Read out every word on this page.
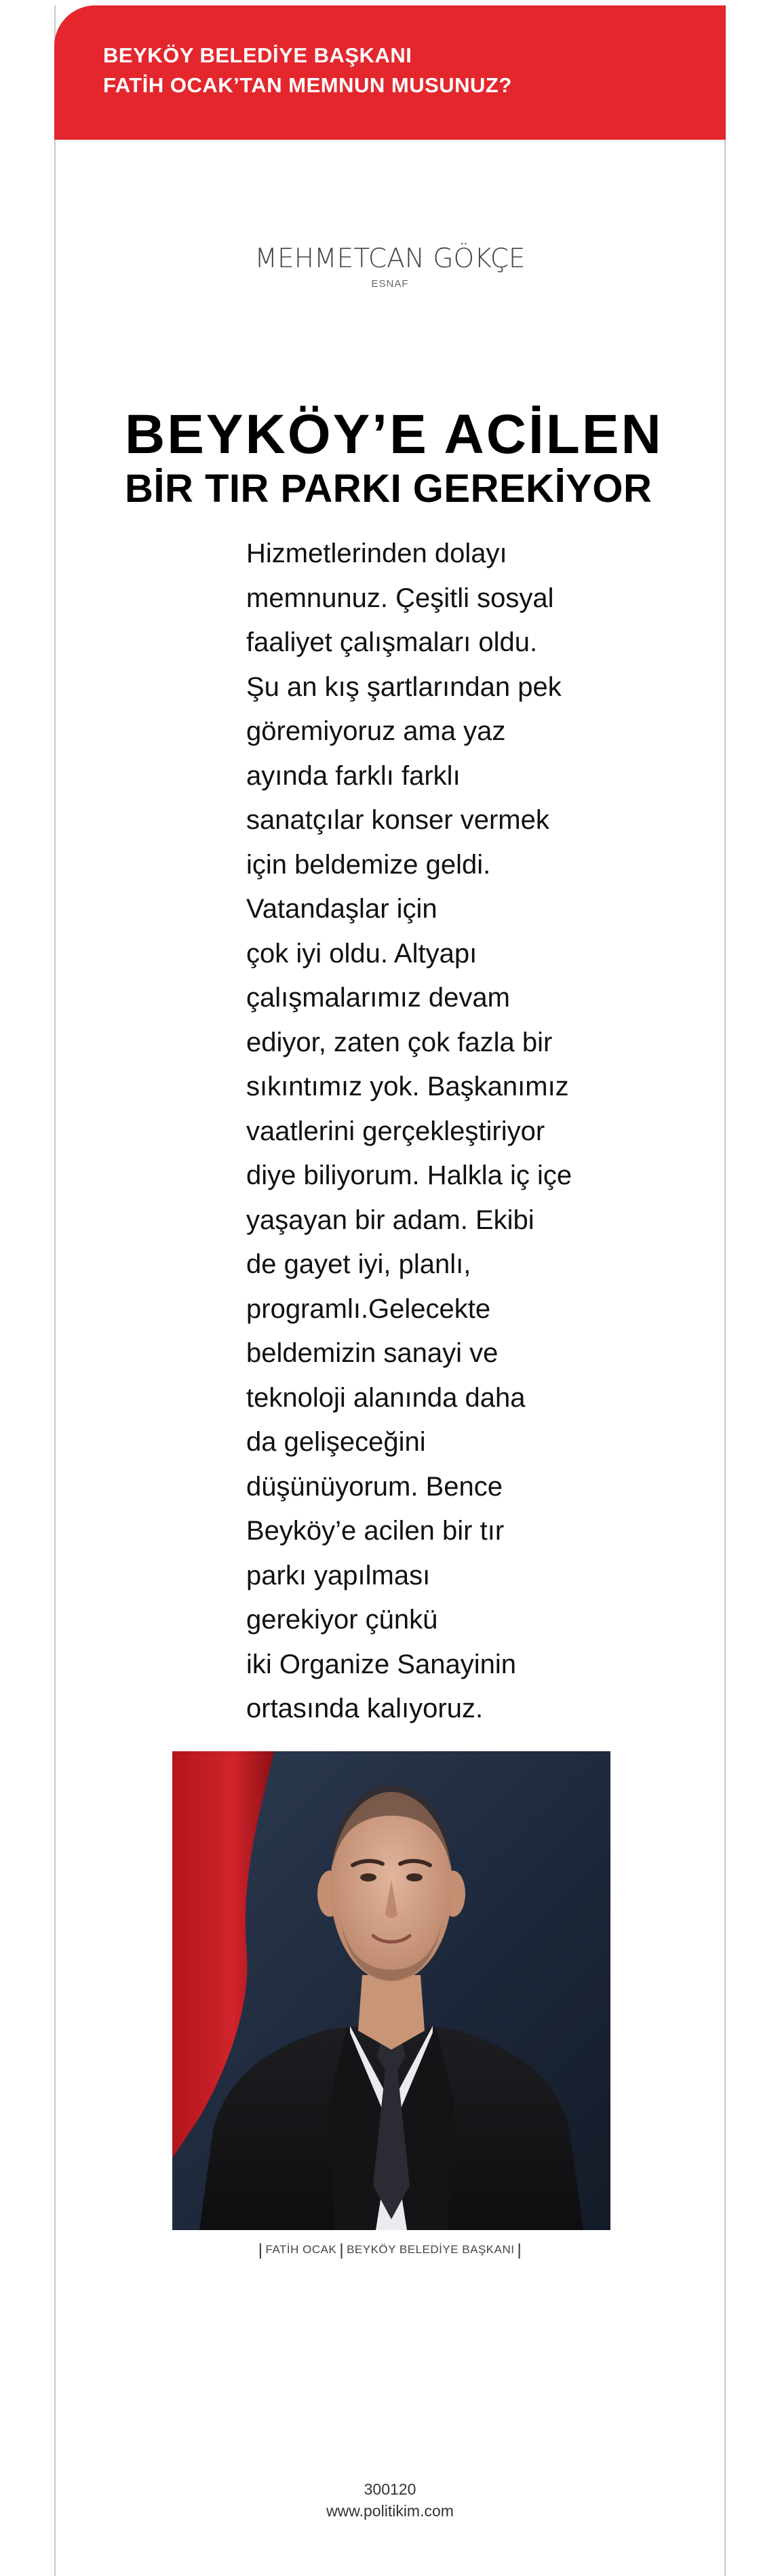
BEYKÖY BELEDİYE BAŞKANI
FATİH OCAK’TAN MEMNUN MUSUNUZ?
MEHMETCAN GÖKÇE
ESNAF
BEYKÖY’E ACİLEN
BİR TIR PARKI GEREKİYOR
Hizmetlerinden dolayı
memnunuz. Çeşitli sosyal
faaliyet çalışmaları oldu.
Şu an kış şartlarından pek
göremiyoruz ama yaz
ayında farklı farklı
sanatçılar konser vermek
için beldemize geldi.
Vatandaşlar için
çok iyi oldu. Altyapı
çalışmalarımız devam
ediyor, zaten çok fazla bir
sıkıntımız yok. Başkanımız
vaatlerini gerçekleştiriyor
diye biliyorum. Halkla iç içe
yaşayan bir adam. Ekibi
de gayet iyi, planlı,
programlı.Gelecekte
beldemizin sanayi ve
teknoloji alanında daha
da gelişeceğini
düşünüyorum. Bence
Beyköy’e acilen bir tır
parkı yapılması
gerekiyor çünkü
iki Organize Sanayinin
ortasında kalıyoruz.
| FATİH OCAK | BEYKÖY BELEDİYE BAŞKANI |
300120
www.politikim.com
